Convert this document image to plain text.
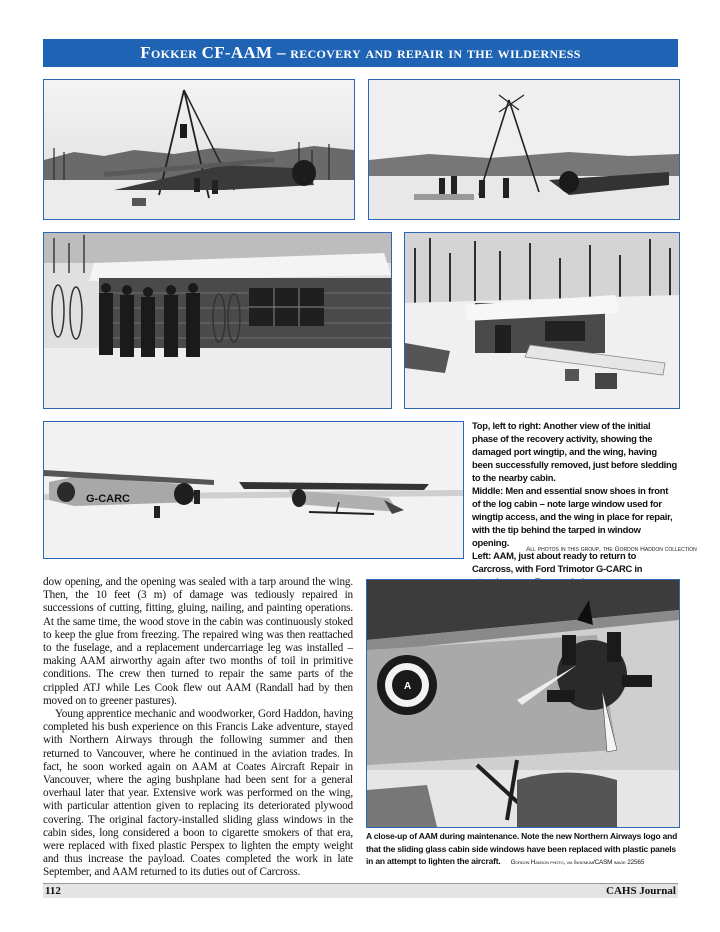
Fokker CF-AAM – recovery and repair in the wilderness
G-CARC

Top, left to right: Another view of the initial phase of the recovery activity, showing the damaged port wingtip, and the wing, having been successfully removed, just before sledding to the nearby cabin.

Middle: Men and essential snow shoes in front of the log cabin – note large window used for wingtip access, and the wing in place for repair, with the tip behind the tarped in window opening.

Left: AAM, just about ready to return to Carcross, with Ford Trimotor G-CARC in

All photos in this group, the Gordon Haddon collection

dow opening, and the opening was sealed with a tarp around the wing. Then, the 10 feet (3 m) of damage was tediously repaired in successions of cutting, fitting, gluing, nailing, and painting operations. At the same time, the wood stove in the cabin was continuously stoked to keep the glue from freezing. The repaired wing was then reattached to the fuselage, and a replacement undercarriage leg was installed – making AAM airworthy again after two months of toil in primitive conditions. The crew then turned to repair the same parts of the crippled ATJ while Les Cook flew out AAM (Randall had by then moved on to greener pastures).

Young apprentice mechanic and woodworker, Gord Haddon, having completed his bush experience on this Francis Lake adventure, stayed with Northern Airways through the following summer and then returned to Vancouver, where he continued in the aviation trades. In fact, he soon worked again on AAM at Coates Aircraft Repair in Vancouver, where the aging bushplane had been sent for a general overhaul later that year. Extensive work was performed on the wing, with particular attention given to replacing its deteriorated plywood covering. The original factory-installed sliding glass windows in the cabin sides, long considered a boon to cigarette smokers of that era, were replaced with fixed plastic Perspex to lighten the empty weight and thus increase the payload. Coates completed the work in late September, and AAM returned to its duties out of Carcross.

A
A close-up of AAM during maintenance. Note the new Northern Airways logo and that the sliding glass cabin side windows have been replaced with plastic panels in an attempt to lighten the aircraft. Gordon Haddon photo, via Ingenium/CASM image 22565
112	CAHS Journal
